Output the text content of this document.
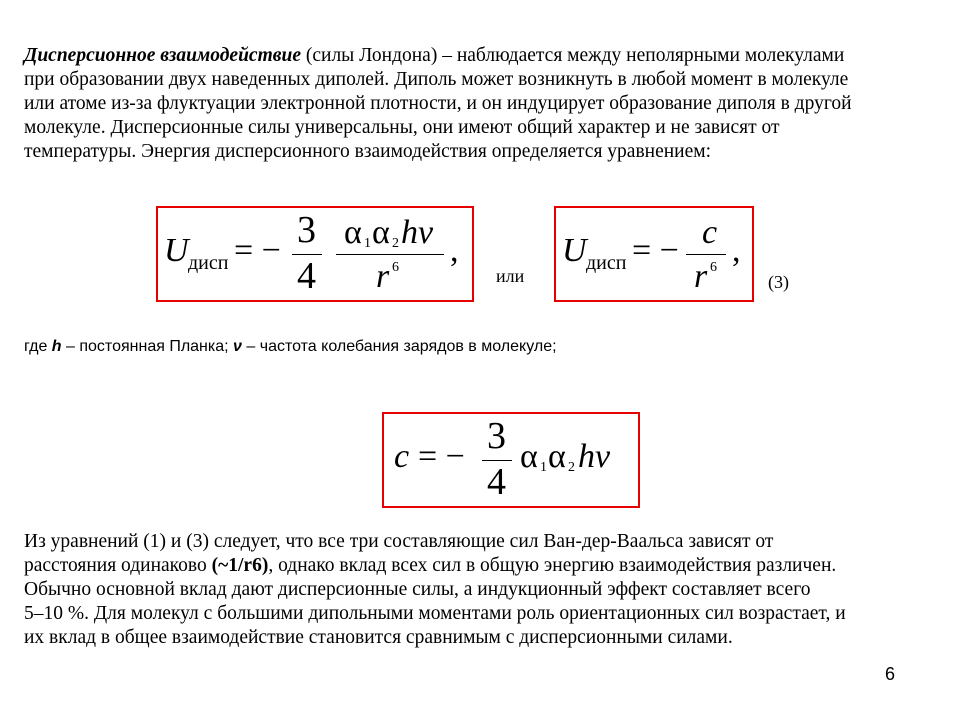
Дисперсионное взаимодействие (силы Лондона) – наблюдается между неполярными молекулами
при образовании двух наведенных диполей. Диполь может возникнуть в любой момент в молекуле
или атоме из-за флуктуации электронной плотности, и он индуцирует образование диполя в другой
молекуле. Дисперсионные силы универсальны, они имеют общий характер и не зависят от
температуры. Энергия дисперсионного взаимодействия определяется уравнением:

U дисп = − 3
4
α 1 α 2 hv
r 6 ,
или
U дисп = − c
r 6 ,
(3)
где h – постоянная Планка; ν – частота колебания зарядов в молекуле;
c = − 3
4
α 1 α 2 hv

Из уравнений (1) и (3) следует, что все три составляющие сил Ван-дер-Ваальса зависят от
расстояния одинаково (~1/r6), однако вклад всех сил в общую энергию взаимодействия различен.
Обычно основной вклад дают дисперсионные силы, а индукционный эффект составляет всего
5–10 %. Для молекул с большими дипольными моментами роль ориентационных сил возрастает, и
их вклад в общее взаимодействие становится сравнимым с дисперсионными силами.

6
